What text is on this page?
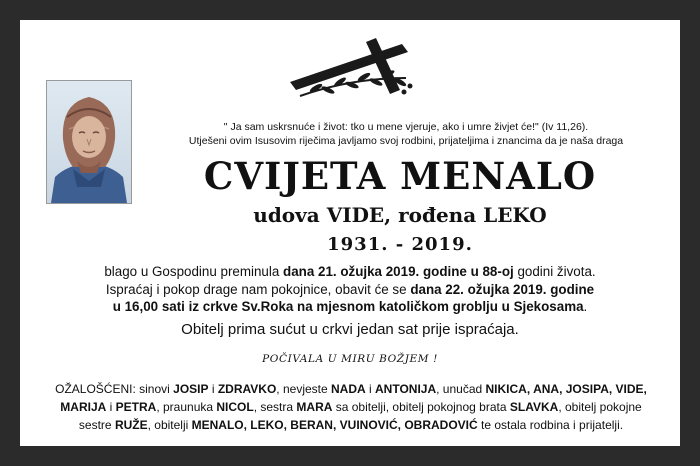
" Ja sam uskrsnuće i život: tko u mene vjeruje, ako i umre živjet će!" (Iv 11,26).
Utješeni ovim Isusovim riječima javljamo svoj rodbini, prijateljima i znancima da je naša draga
CVIJETA MENALO
udova VIDE, rođena LEKO
1931. - 2019.
blago u Gospodinu preminula dana 21. ožujka 2019. godine u 88-oj godini života.
Ispraćaj i pokop drage nam pokojnice, obavit će se dana 22. ožujka 2019. godine
u 16,00 sati iz crkve Sv.Roka na mjesnom katoličkom groblju u Sjekosama.
Obitelj prima sućut u crkvi jedan sat prije ispraćaja.
POČIVALA U MIRU BOŽJEM !
OŽALOŠĆENI: sinovi JOSIP i ZDRAVKO, nevjeste NADA i ANTONIJA, unučad NIKICA, ANA, JOSIPA, VIDE,
MARIJA i PETRA, praunuka NICOL, sestra MARA sa obitelji, obitelj pokojnog brata SLAVKA, obitelj pokojne
sestre RUŽE, obitelji MENALO, LEKO, BERAN, VUINOVIĆ, OBRADOVIĆ te ostala rodbina i prijatelji.
